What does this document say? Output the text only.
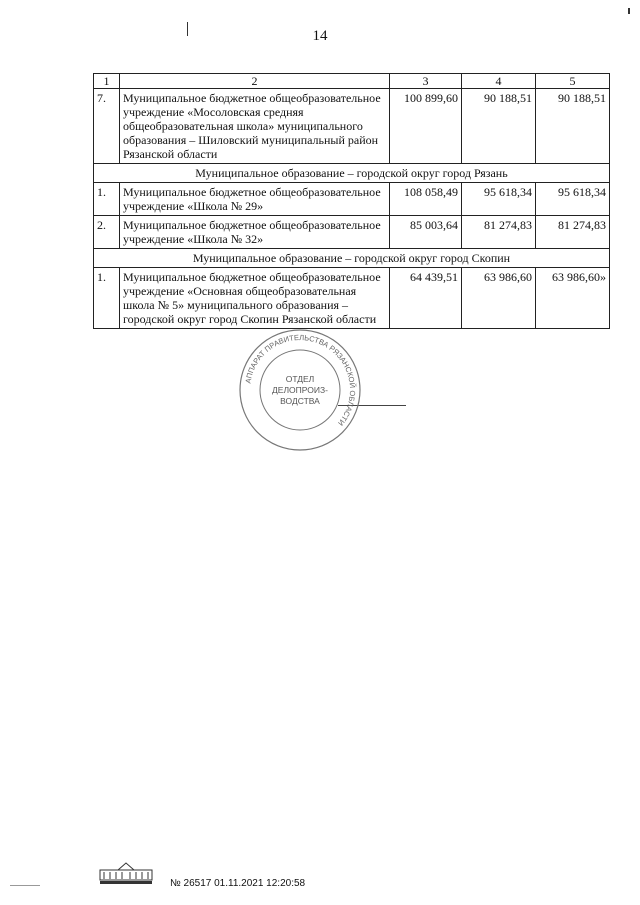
14
1	2	3	4	5
7.	Муниципальное бюджетное общеобразовательное учреждение «Мосоловская средняя общеобразовательная школа» муниципального образования – Шиловский муниципальный район Рязанской области	100 899,60	90 188,51	90 188,51
Муниципальное образование – городской округ город Рязань				
1.	Муниципальное бюджетное общеобразовательное учреждение «Школа № 29»	108 058,49	95 618,34	95 618,34
2.	Муниципальное бюджетное общеобразовательное учреждение «Школа № 32»	85 003,64	81 274,83	81 274,83
Муниципальное образование – городской округ город Скопин				
1.	Муниципальное бюджетное общеобразовательное учреждение «Основная общеобразовательная школа № 5» муниципального образования – городской округ город Скопин Рязанской области	64 439,51	63 986,60	63 986,60»
АППАРАТ ПРАВИТЕЛЬСТВА РЯЗАНСКОЙ ОБЛАСТИ
ОТДЕЛ
ДЕЛОПРОИЗ-
ВОДСТВА
№ 26517 01.11.2021 12:20:58
